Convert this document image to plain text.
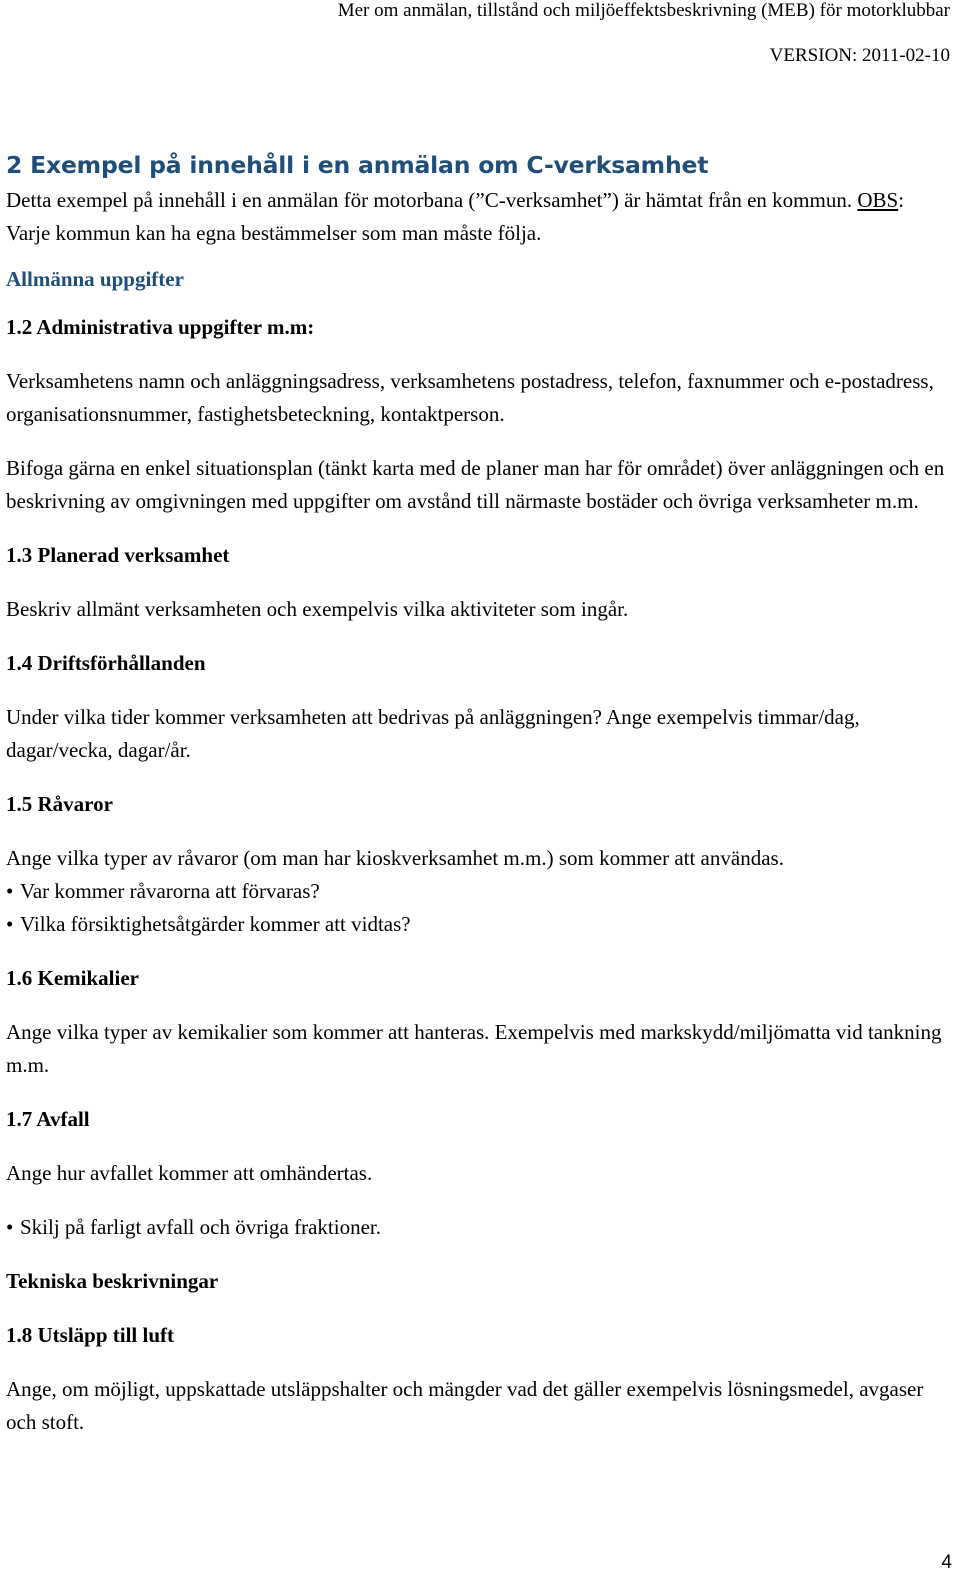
Mer om anmälan, tillstånd och miljöeffektsbeskrivning (MEB) för motorklubbar
VERSION: 2011-02-10
2 Exempel på innehåll i en anmälan om C-verksamhet

Detta exempel på innehåll i en anmälan för motorbana (”C-verksamhet”) är hämtat från en kommun. OBS: Varje kommun kan ha egna bestämmelser som man måste följa.

Allmänna uppgifter

1.2 Administrativa uppgifter m.m:

Verksamhetens namn och anläggningsadress, verksamhetens postadress, telefon, faxnummer och e-postadress, organisationsnummer, fastighetsbeteckning, kontaktperson.

Bifoga gärna en enkel situationsplan (tänkt karta med de planer man har för området) över anläggningen och en beskrivning av omgivningen med uppgifter om avstånd till närmaste bostäder och övriga verksamheter m.m.

1.3 Planerad verksamhet

Beskriv allmänt verksamheten och exempelvis vilka aktiviteter som ingår.

1.4 Driftsförhållanden

Under vilka tider kommer verksamheten att bedrivas på anläggningen? Ange exempelvis timmar/dag, dagar/vecka, dagar/år.

1.5 Råvaror

Ange vilka typer av råvaror (om man har kioskverksamhet m.m.) som kommer att användas.

• Var kommer råvarorna att förvaras?

• Vilka försiktighetsåtgärder kommer att vidtas?

1.6 Kemikalier

Ange vilka typer av kemikalier som kommer att hanteras. Exempelvis med markskydd/miljömatta vid tankning m.m.

1.7 Avfall

Ange hur avfallet kommer att omhändertas.

• Skilj på farligt avfall och övriga fraktioner.

Tekniska beskrivningar

1.8 Utsläpp till luft

Ange, om möjligt, uppskattade utsläppshalter och mängder vad det gäller exempelvis lösningsmedel, avgaser och stoft.

4
